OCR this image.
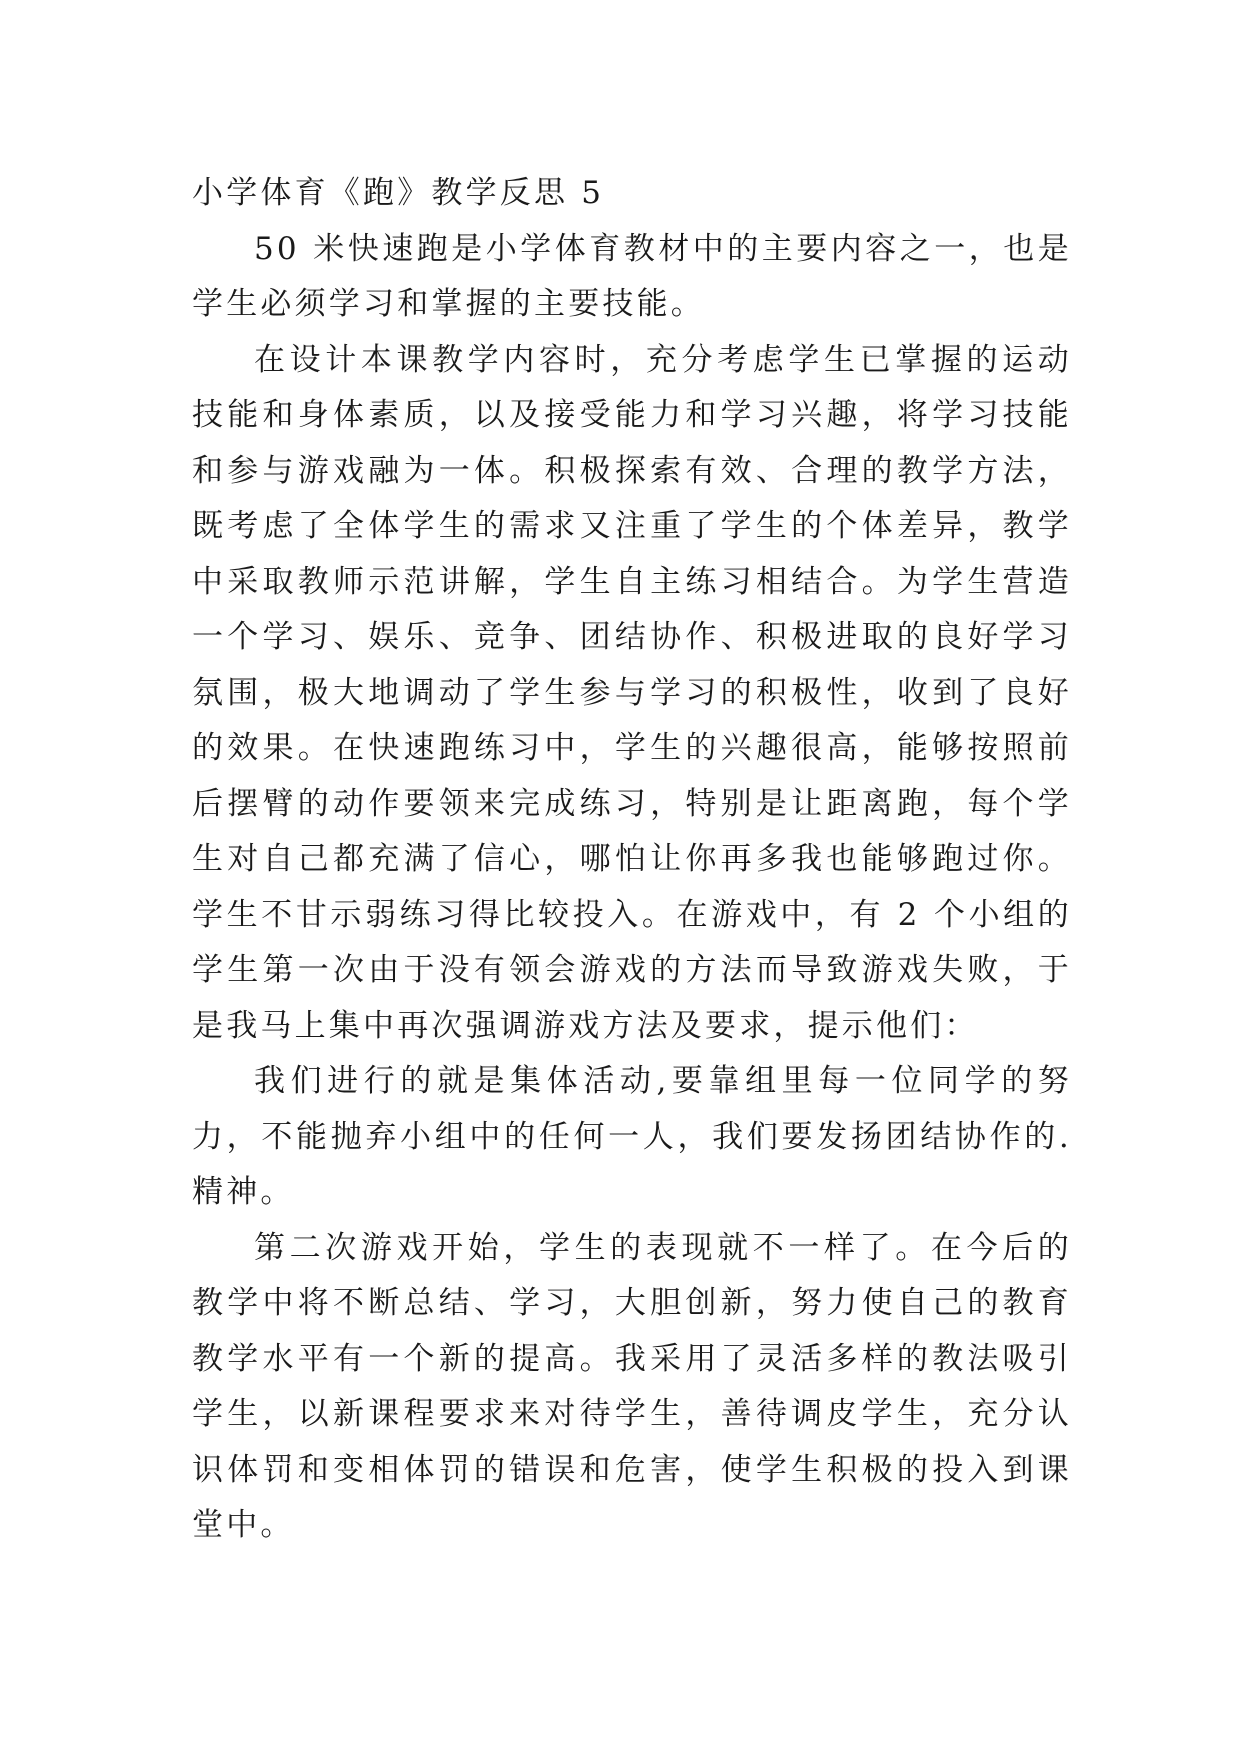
小学体育《跑》教学反思 5

50 米快速跑是小学体育教材中的主要内容之一，也是学生必须学习和掌握的主要技能。

在设计本课教学内容时，充分考虑学生已掌握的运动技能和身体素质，以及接受能力和学习兴趣，将学习技能和参与游戏融为一体。积极探索有效、合理的教学方法，既考虑了全体学生的需求又注重了学生的个体差异，教学中采取教师示范讲解，学生自主练习相结合。为学生营造一个学习、娱乐、竞争、团结协作、积极进取的良好学习氛围，极大地调动了学生参与学习的积极性，收到了良好的效果。在快速跑练习中，学生的兴趣很高，能够按照前后摆臂的动作要领来完成练习，特别是让距离跑，每个学生对自己都充满了信心，哪怕让你再多我也能够跑过你。学生不甘示弱练习得比较投入。在游戏中，有 2 个小组的学生第一次由于没有领会游戏的方法而导致游戏失败，于是我马上集中再次强调游戏方法及要求，提示他们：

我们进行的就是集体活动,要靠组里每一位同学的努力，不能抛弃小组中的任何一人，我们要发扬团结协作的.精神。

第二次游戏开始，学生的表现就不一样了。在今后的教学中将不断总结、学习，大胆创新，努力使自己的教育教学水平有一个新的提高。我采用了灵活多样的教法吸引学生，以新课程要求来对待学生，善待调皮学生，充分认识体罚和变相体罚的错误和危害，使学生积极的投入到课堂中。
